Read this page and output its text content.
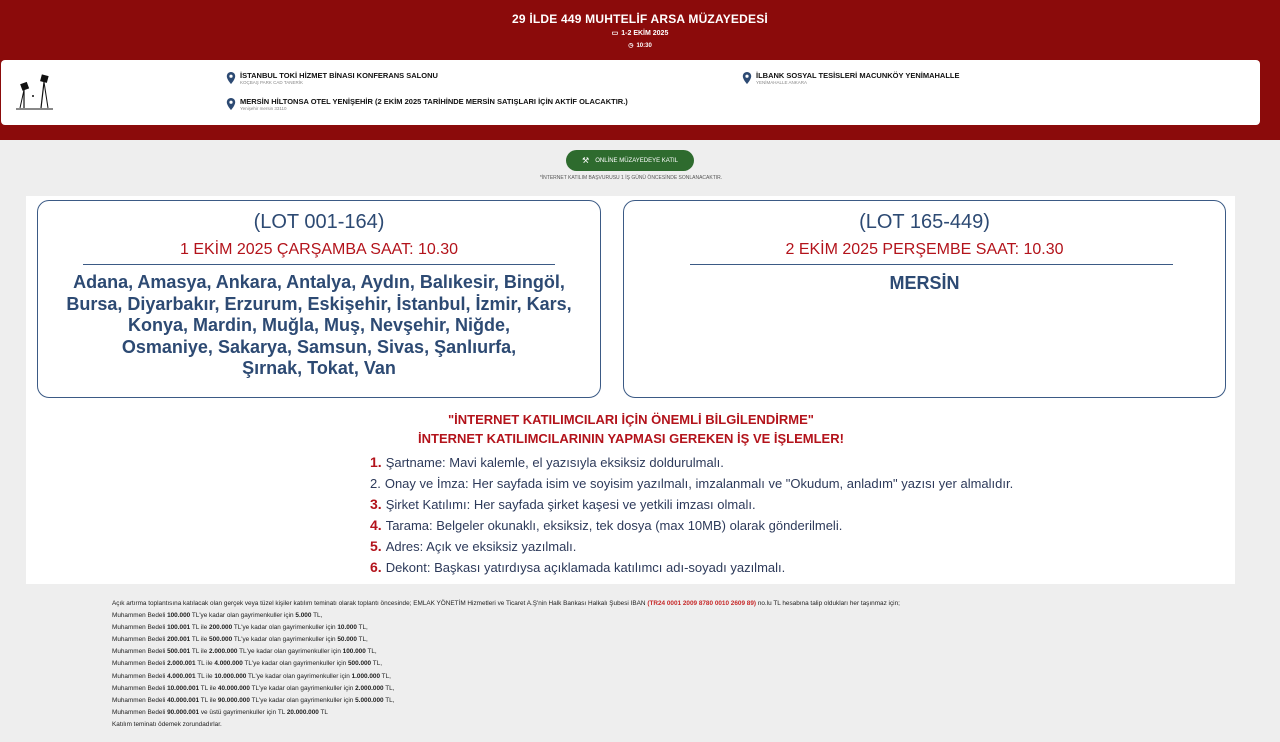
29 İLDE 449 MUHTELİF ARSA MÜZAYEDESİ
▭ 1-2 EKİM 2025
◷ 10:30
İSTANBUL TOKİ HİZMET BİNASI KONFERANS SALONU
KOÇBAŞ PARK CAD TANERİK
MERSİN HİLTONSA OTEL YENİŞEHİR (2 EKİM 2025 TARİHİNDE MERSİN SATIŞLARI İÇİN AKTİF OLACAKTIR.)
Yenişehir mersin 33110
İLBANK SOSYAL TESİSLERİ MACUNKÖY YENİMAHALLE
YENİMAHALLE ANKARA
⚒ ONLİNE MÜZAYEDEYE KATIL
*İNTERNET KATILIM BAŞVURUSU 1 İŞ GÜNÜ ÖNCESİNDE SONLANACAKTIR.
(LOT 001-164)
1 EKİM 2025 ÇARŞAMBA SAAT: 10.30
Adana, Amasya, Ankara, Antalya, Aydın, Balıkesir, Bingöl,
Bursa, Diyarbakır, Erzurum, Eskişehir, İstanbul, İzmir, Kars,
Konya, Mardin, Muğla, Muş, Nevşehir, Niğde,
Osmaniye, Sakarya, Samsun, Sivas, Şanlıurfa,
Şırnak, Tokat, Van
(LOT 165-449)
2 EKİM 2025 PERŞEMBE SAAT: 10.30
MERSİN
"İNTERNET KATILIMCILARI İÇİN ÖNEMLİ BİLGİLENDİRME"
İNTERNET KATILIMCILARININ YAPMASI GEREKEN İŞ VE İŞLEMLER!
1. Şartname: Mavi kalemle, el yazısıyla eksiksiz doldurulmalı.
2. Onay ve İmza: Her sayfada isim ve soyisim yazılmalı, imzalanmalı ve "Okudum, anladım" yazısı yer almalıdır.
3. Şirket Katılımı: Her sayfada şirket kaşesi ve yetkili imzası olmalı.
4. Tarama: Belgeler okunaklı, eksiksiz, tek dosya (max 10MB) olarak gönderilmeli.
5. Adres: Açık ve eksiksiz yazılmalı.
6. Dekont: Başkası yatırdıysa açıklamada katılımcı adı-soyadı yazılmalı.
Açık artırma toplantısına katılacak olan gerçek veya tüzel kişiler katılım teminatı olarak toplantı öncesinde; EMLAK YÖNETİM Hizmetleri ve Ticaret A.Ş'nin Halk Bankası Halkalı Şubesi IBAN (TR24 0001 2009 8780 0010 2609 89) no.lu TL hesabına talip oldukları her taşınmaz için;
Muhammen Bedeli 100.000 TL'ye kadar olan gayrimenkuller için 5.000 TL,
Muhammen Bedeli 100.001 TL ile 200.000 TL'ye kadar olan gayrimenkuller için 10.000 TL,
Muhammen Bedeli 200.001 TL ile 500.000 TL'ye kadar olan gayrimenkuller için 50.000 TL,
Muhammen Bedeli 500.001 TL ile 2.000.000 TL'ye kadar olan gayrimenkuller için 100.000 TL,
Muhammen Bedeli 2.000.001 TL ile 4.000.000 TL'ye kadar olan gayrimenkuller için 500.000 TL,
Muhammen Bedeli 4.000.001 TL ile 10.000.000 TL'ye kadar olan gayrimenkuller için 1.000.000 TL,
Muhammen Bedeli 10.000.001 TL ile 40.000.000 TL'ye kadar olan gayrimenkuller için 2.000.000 TL,
Muhammen Bedeli 40.000.001 TL ile 90.000.000 TL'ye kadar olan gayrimenkuller için 5.000.000 TL,
Muhammen Bedeli 90.000.001 ve üstü gayrimenkuller için TL 20.000.000 TL
Katılım teminatı ödemek zorundadırlar.
